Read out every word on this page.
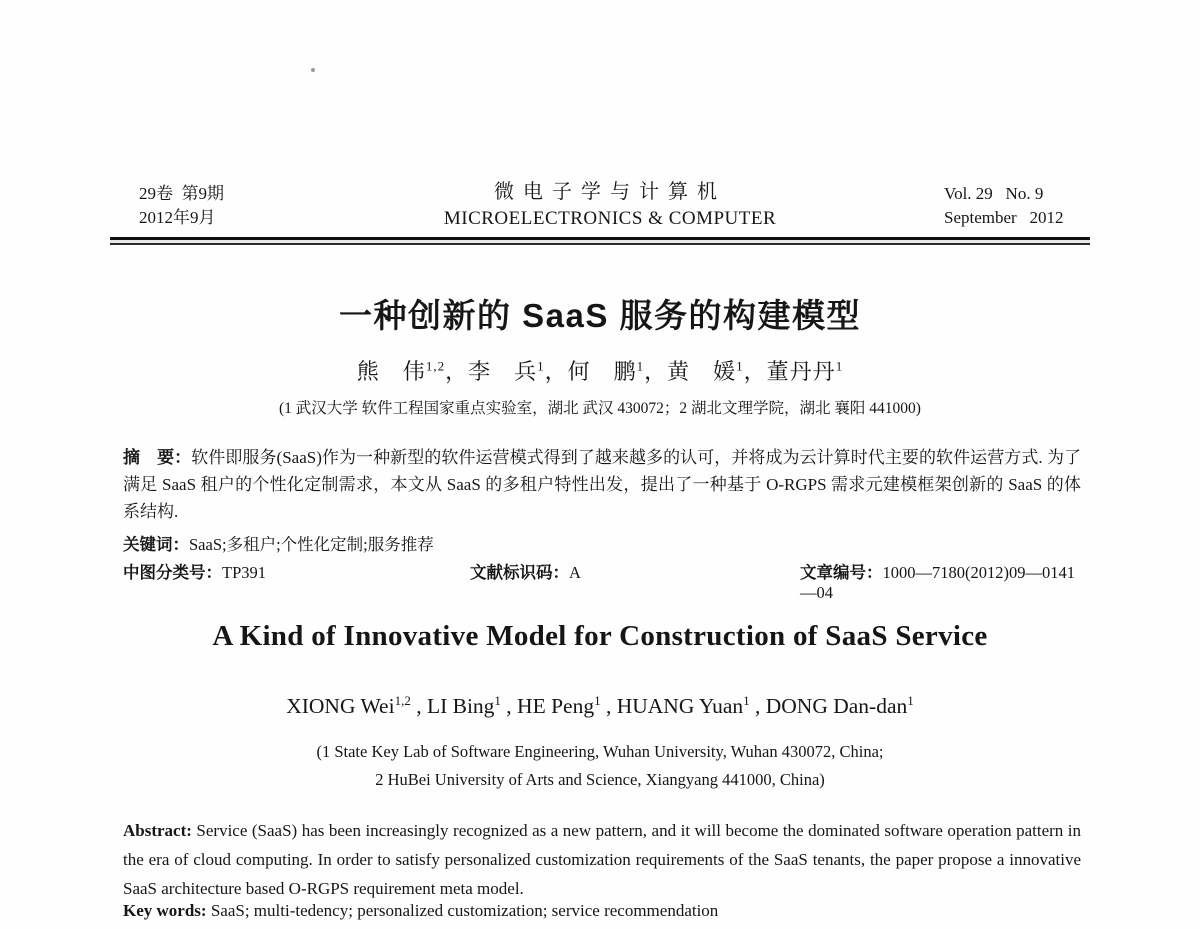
29卷  第9期
2012年9月
微电子学与计算机
MICROELECTRONICS & COMPUTER
Vol. 29   No. 9
September   2012
一种创新的 SaaS 服务的构建模型
熊　伟$^{1,2}$，李　兵$^1$，何　鹏$^1$，黄　媛$^1$，董丹丹$^1$
(1 武汉大学 软件工程国家重点实验室，湖北 武汉 430072；2 湖北文理学院，湖北 襄阳 441000)
摘　要：软件即服务(SaaS)作为一种新型的软件运营模式得到了越来越多的认可，并将成为云计算时代主要的软件运营方式. 为了满足 SaaS 租户的个性化定制需求，本文从 SaaS 的多租户特性出发，提出了一种基于 O-RGPS 需求元建模框架创新的 SaaS 的体系结构.
关键词：SaaS;多租户;个性化定制;服务推荐
中图分类号：TP391	文献标识码：A	文章编号：1000—7180(2012)09—0141—04
A Kind of Innovative Model for Construction of SaaS Service
XIONG Wei$^{1,2}$ , LI Bing$^1$ , HE Peng$^1$ , HUANG Yuan$^1$ , DONG Dan-dan$^1$
(1 State Key Lab of Software Engineering, Wuhan University, Wuhan 430072, China;
2 HuBei University of Arts and Science, Xiangyang 441000, China)
Abstract: Service (SaaS) has been increasingly recognized as a new pattern, and it will become the dominated software operation pattern in the era of cloud computing. In order to satisfy personalized customization requirements of the SaaS tenants, the paper propose a innovative SaaS architecture based O-RGPS requirement meta model.
Key words: SaaS; multi-tedency; personalized customization; service recommendation
